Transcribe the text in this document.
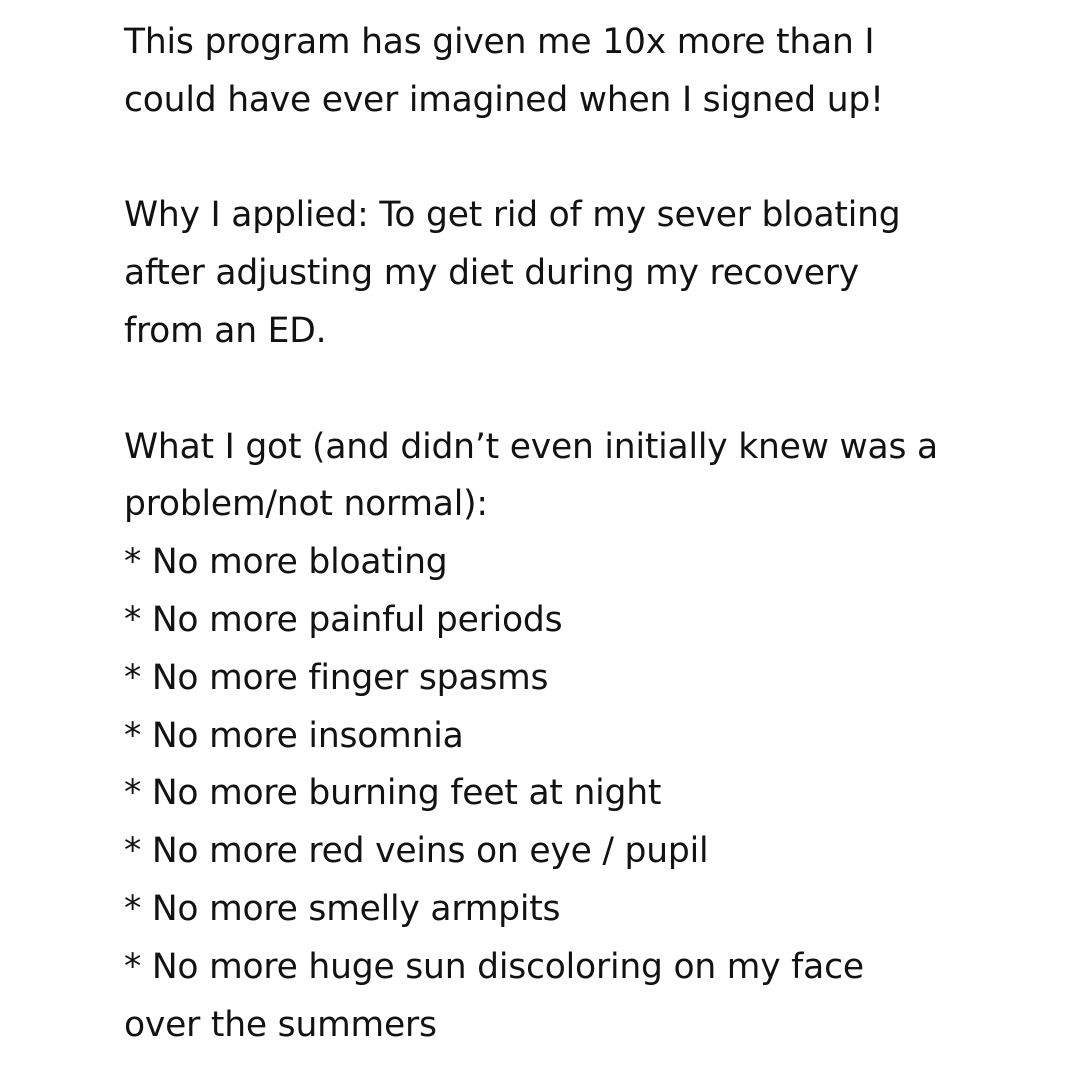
This program has given me 10x more than I
could have ever imagined when I signed up!

Why I applied: To get rid of my sever bloating
after adjusting my diet during my recovery
from an ED.

What I got (and didn’t even initially knew was a
problem/not normal):
* No more bloating
* No more painful periods
* No more finger spasms
* No more insomnia
* No more burning feet at night
* No more red veins on eye / pupil
* No more smelly armpits
* No more huge sun discoloring on my face
over the summers
